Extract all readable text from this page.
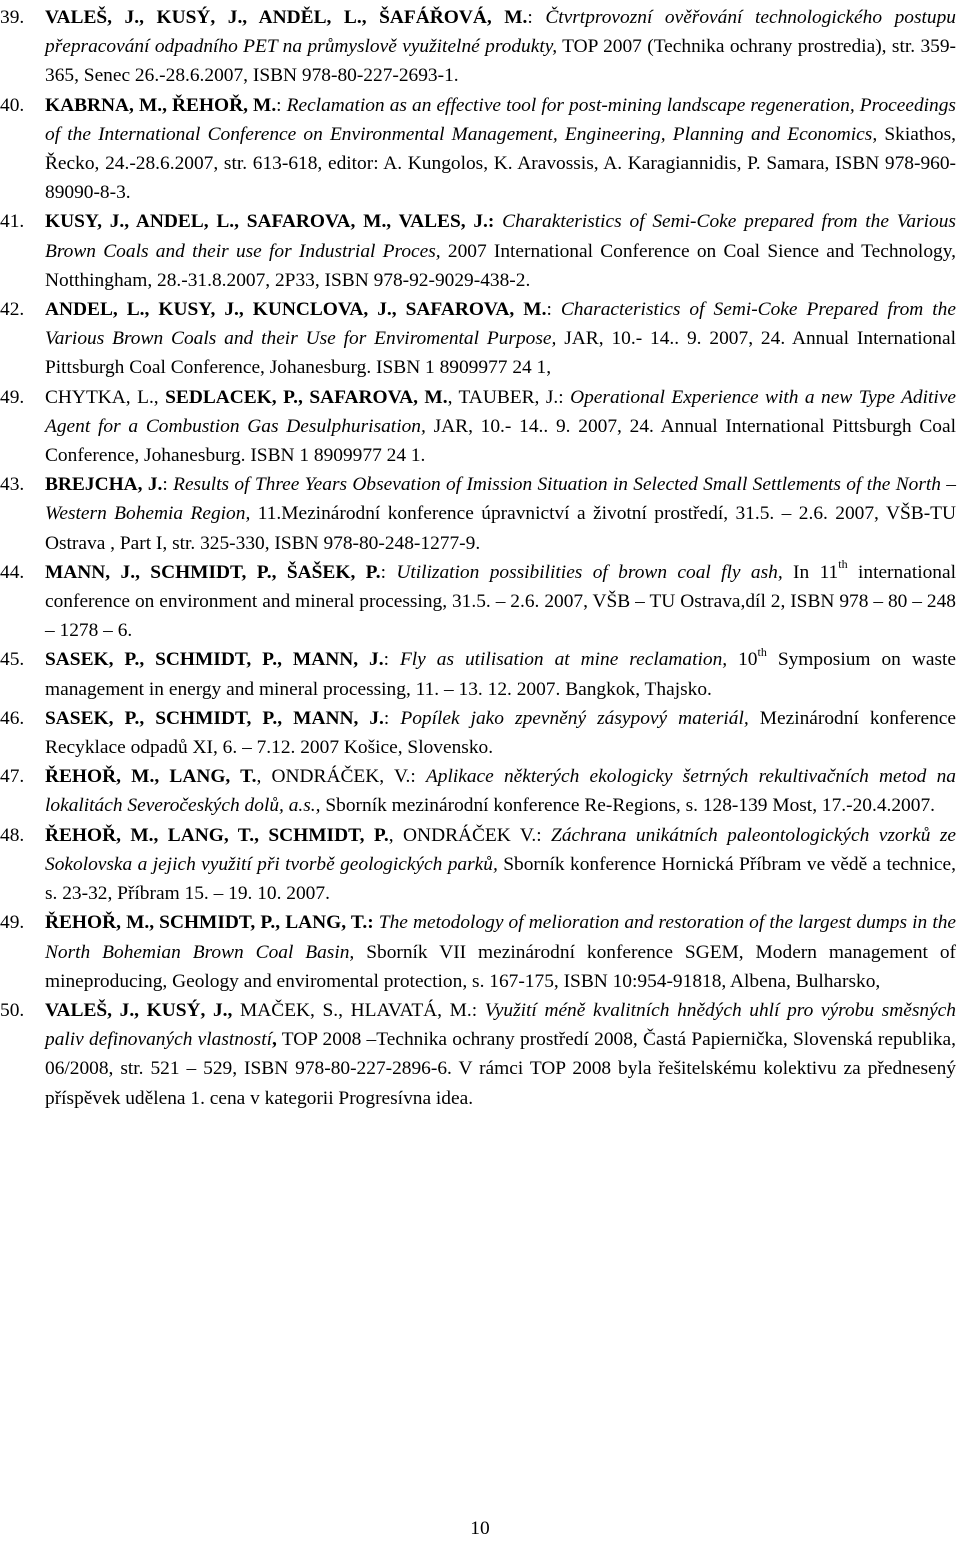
39. VALEŠ, J., KUSÝ, J., ANDĚL, L., ŠAFÁŘOVÁ, M.: Čtvrtprovozní ověřování technologického postupu přepracování odpadního PET na průmyslově využitelné produkty, TOP 2007 (Technika ochrany prostredia), str. 359-365, Senec 26.-28.6.2007, ISBN 978-80-227-2693-1.
40. KABRNA, M., ŘEHOŘ, M.: Reclamation as an effective tool for post-mining landscape regeneration, Proceedings of the International Conference on Environmental Management, Engineering, Planning and Economics, Skiathos, Řecko, 24.-28.6.2007, str. 613-618, editor: A. Kungolos, K. Aravossis, A. Karagiannidis, P. Samara, ISBN 978-960-89090-8-3.
41. KUSY, J., ANDEL, L., SAFAROVA, M., VALES, J.: Charakteristics of Semi-Coke prepared from the Various Brown Coals and their use for Industrial Proces, 2007 International Conference on Coal Sience and Technology, Notthingham, 28.-31.8.2007, 2P33, ISBN 978-92-9029-438-2.
42. ANDEL, L., KUSY, J., KUNCLOVA, J., SAFAROVA, M.: Characteristics of Semi-Coke Prepared from the Various Brown Coals and their Use for Enviromental Purpose, JAR, 10.- 14.. 9. 2007, 24. Annual International Pittsburgh Coal Conference, Johanesburg. ISBN 1 8909977 24 1,
49. CHYTKA, L., SEDLACEK, P., SAFAROVA, M., TAUBER, J.: Operational Experience with a new Type Aditive Agent for a Combustion Gas Desulphurisation, JAR, 10.- 14.. 9. 2007, 24. Annual International Pittsburgh Coal Conference, Johanesburg. ISBN 1 8909977 24 1.
43. BREJCHA, J.: Results of Three Years Obsevation of Imission Situation in Selected Small Settlements of the North – Western Bohemia Region, 11.Mezinárodní konference úpravnictví a životní prostředí, 31.5. – 2.6. 2007, VŠB-TU Ostrava , Part I, str. 325-330, ISBN 978-80-248-1277-9.
44. MANN, J., SCHMIDT, P., ŠAŠEK, P.: Utilization possibilities of brown coal fly ash, In 11th international conference on environment and mineral processing, 31.5. – 2.6. 2007, VŠB – TU Ostrava,díl 2, ISBN 978 – 80 – 248 – 1278 – 6.
45. SASEK, P., SCHMIDT, P., MANN, J.: Fly as utilisation at mine reclamation, 10th Symposium on waste management in energy and mineral processing, 11. – 13. 12. 2007. Bangkok, Thajsko.
46. SASEK, P., SCHMIDT, P., MANN, J.: Popílek jako zpevněný zásypový materiál, Mezinárodní konference Recyklace odpadů XI, 6. – 7.12. 2007 Košice, Slovensko.
47. ŘEHOŘ, M., LANG, T., ONDRÁČEK, V.: Aplikace některých ekologicky šetrných rekultivačních metod na lokalitách Severočeských dolů, a.s., Sborník mezinárodní konference Re-Regions, s. 128-139 Most, 17.-20.4.2007.
48. ŘEHOŘ, M., LANG, T., SCHMIDT, P., ONDRÁČEK V.: Záchrana unikátních paleontologických vzorků ze Sokolovska a jejich využití při tvorbě geologických parků, Sborník konference Hornická Příbram ve vědě a technice, s. 23-32, Příbram 15. – 19. 10. 2007.
49. ŘEHOŘ, M., SCHMIDT, P., LANG, T.: The metodology of melioration and restoration of the largest dumps in the North Bohemian Brown Coal Basin, Sborník VII mezinárodní konference SGEM, Modern management of mineproducing, Geology and enviromental protection, s. 167-175, ISBN 10:954-91818, Albena, Bulharsko,
50. VALEŠ, J., KUSÝ, J., MAČEK, S., HLAVATÁ, M.: Využití méně kvalitních hnědých uhlí pro výrobu směsných paliv definovaných vlastností, TOP 2008 –Technika ochrany prostředí 2008, Častá Papiernička, Slovenská republika, 06/2008, str. 521 – 529, ISBN 978-80-227-2896-6. V rámci TOP 2008 byla řešitelskému kolektivu za přednesený příspěvek udělena 1. cena v kategorii Progresívna idea.
10
